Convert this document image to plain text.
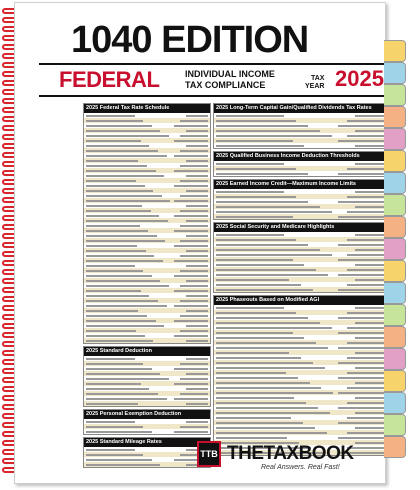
1040 EDITION
FEDERAL	INDIVIDUAL INCOME
TAX COMPLIANCE
TAX
YEAR 2025
2025 Federal Tax Rate Schedule
2025 Standard Deduction
2025 Personal Exemption Deduction
2025 Standard Mileage Rates
2025 Long-Term Capital Gain/Qualified Dividends Tax Rates
2025 Qualified Business Income Deduction Thresholds
2025 Earned Income Credit—Maximum Income Limits
2025 Social Security and Medicare Highlights
2025 Phaseouts Based on Modified AGI
TTB THETAXBOOK
Real Answers. Real Fast!
